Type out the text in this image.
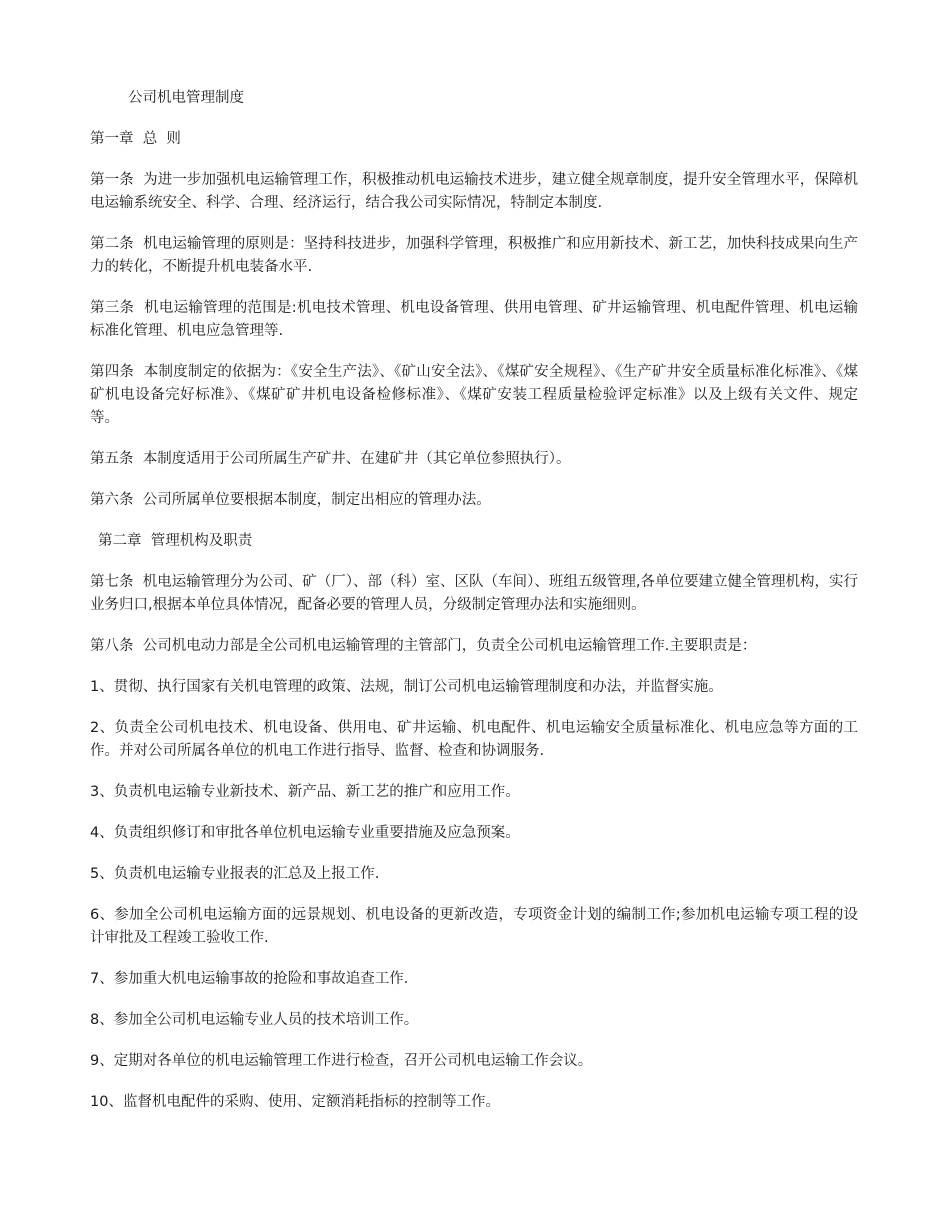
公司机电管理制度

第一章  总  则

第一条  为进一步加强机电运输管理工作，积极推动机电运输技术进步，建立健全规章制度，提升安全管理水平，保障机电运输系统安全、科学、合理、经济运行，结合我公司实际情况，特制定本制度.

第二条  机电运输管理的原则是：坚持科技进步，加强科学管理，积极推广和应用新技术、新工艺，加快科技成果向生产力的转化，不断提升机电装备水平.

第三条  机电运输管理的范围是:机电技术管理、机电设备管理、供用电管理、矿井运输管理、机电配件管理、机电运输标准化管理、机电应急管理等.

第四条  本制度制定的依据为：《安全生产法》、《矿山安全法》、《煤矿安全规程》、《生产矿井安全质量标准化标准》、《煤矿机电设备完好标准》、《煤矿矿井机电设备检修标准》、《煤矿安装工程质量检验评定标准》以及上级有关文件、规定等。

第五条  本制度适用于公司所属生产矿井、在建矿井（其它单位参照执行）。

第六条  公司所属单位要根据本制度，制定出相应的管理办法。

第二章  管理机构及职责

第七条  机电运输管理分为公司、矿（厂）、部（科）室、区队（车间）、班组五级管理,各单位要建立健全管理机构，实行业务归口,根据本单位具体情况，配备必要的管理人员，分级制定管理办法和实施细则。

第八条  公司机电动力部是全公司机电运输管理的主管部门，负责全公司机电运输管理工作.主要职责是：

1、贯彻、执行国家有关机电管理的政策、法规，制订公司机电运输管理制度和办法，并监督实施。

2、负责全公司机电技术、机电设备、供用电、矿井运输、机电配件、机电运输安全质量标准化、机电应急等方面的工作。并对公司所属各单位的机电工作进行指导、监督、检查和协调服务.

3、负责机电运输专业新技术、新产品、新工艺的推广和应用工作。

4、负责组织修订和审批各单位机电运输专业重要措施及应急预案。

5、负责机电运输专业报表的汇总及上报工作.

6、参加全公司机电运输方面的远景规划、机电设备的更新改造，专项资金计划的编制工作;参加机电运输专项工程的设计审批及工程竣工验收工作.

7、参加重大机电运输事故的抢险和事故追查工作.

8、参加全公司机电运输专业人员的技术培训工作。

9、定期对各单位的机电运输管理工作进行检查，召开公司机电运输工作会议。

10、监督机电配件的采购、使用、定额消耗指标的控制等工作。
